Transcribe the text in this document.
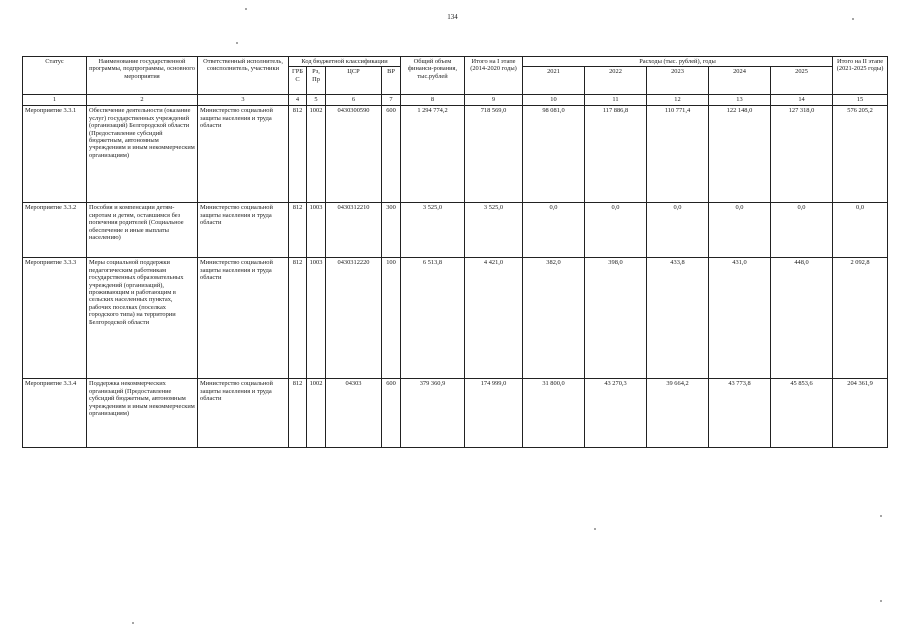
134
Статус	Наименование государственной программы, подпрограммы, основного мероприятия	Ответственный исполнитель, соисполнитель, участники	Код бюджетной классификации				Общий объем финанси-рования, тыс.рублей	Итого на I этапе (2014-2020 годы)	Расходы (тыс. рублей), годы					Итого на II этапе (2021-2025 годы)
			ГРБ С	Рз, Пр	ЦСР	ВР			2021	2022	2023	2024	2025	
1	2	3	4	5	6	7	8	9	10	11	12	13	14	15
Мероприятие 3.3.1	Обеспечение деятельности (оказание услуг) государственных учреждений (организаций) Белгородской области (Предоставление субсидий бюджетным, автономным учреждениям и иным некоммерческим организациям)	Министерство социальной защиты населения и труда области	812	1002	0430300590	600	1 294 774,2	718 569,0	98 081,0	117 886,8	110 771,4	122 148,0	127 318,0	576 205,2
Мероприятие 3.3.2	Пособия и компенсации детям-сиротам и детям, оставшимся без попечения родителей (Социальное обеспечение и иные выплаты населению)	Министерство социальной защиты населения и труда области	812	1003	0430312210	300	3 525,0	3 525,0	0,0	0,0	0,0	0,0	0,0	0,0
Мероприятие 3.3.3	Меры социальной поддержки педагогическим работникам государственных образовательных учреждений (организаций), проживающим и работающим в сельских населенных пунктах, рабочих поселках (поселках городского типа) на территории Белгородской области	Министерство социальной защиты населения и труда области	812	1003	0430312220	100	6 513,8	4 421,0	382,0	398,0	433,8	431,0	448,0	2 092,8
Мероприятие 3.3.4	Поддержка некоммерческих организаций (Предоставление субсидий бюджетным, автономным учреждениям и иным некоммерческим организациям)	Министерство социальной защиты населения и труда области	812	1002	04303	600	379 360,9	174 999,0	31 800,0	43 270,3	39 664,2	43 773,8	45 853,6	204 361,9
